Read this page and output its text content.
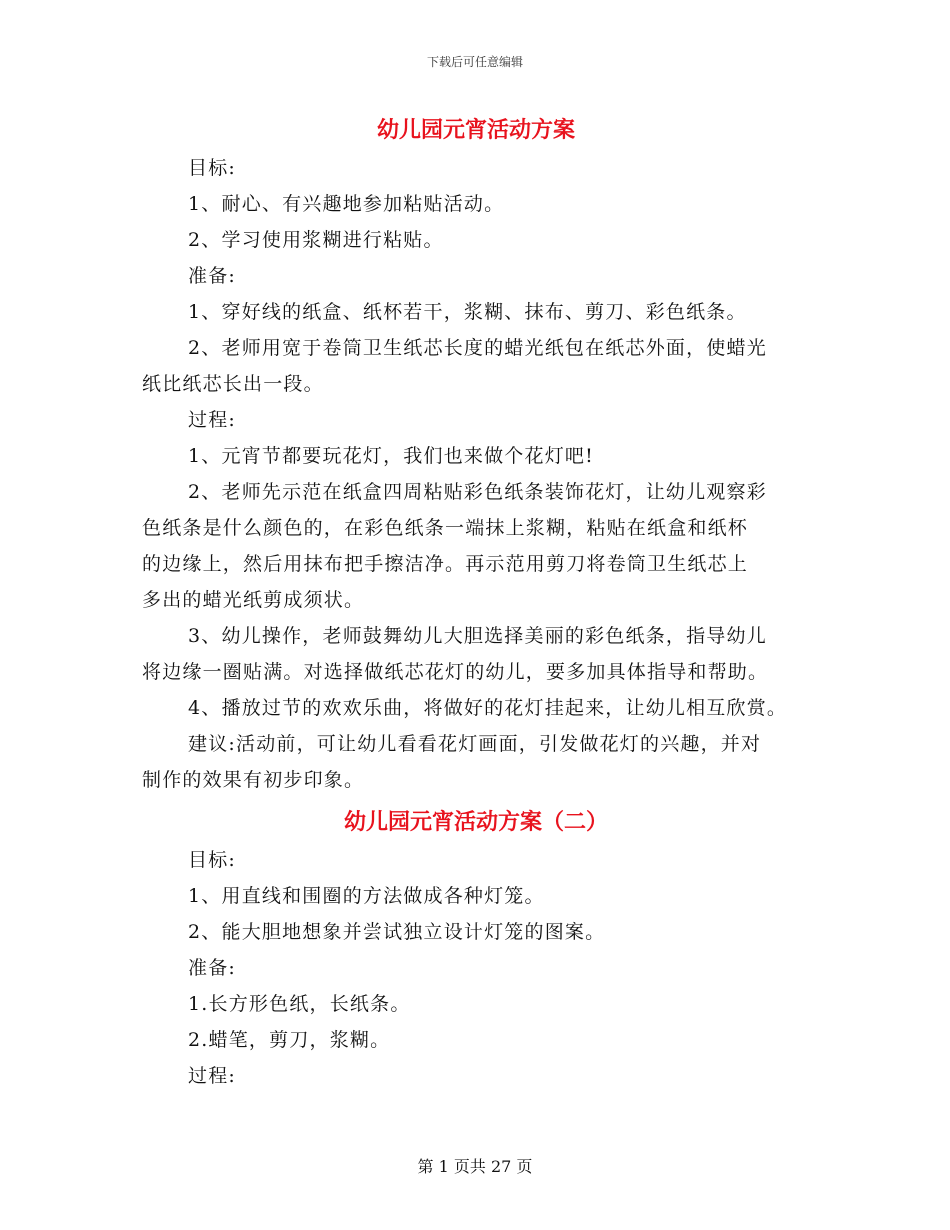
下载后可任意编辑
幼儿园元宵活动方案

目标:

1、耐心、有兴趣地参加粘贴活动。

2、学习使用浆糊进行粘贴。

准备:

1、穿好线的纸盒、纸杯若干，浆糊、抹布、剪刀、彩色纸条。

2、老师用宽于卷筒卫生纸芯长度的蜡光纸包在纸芯外面，使蜡光
纸比纸芯长出一段。

过程:

1、元宵节都要玩花灯，我们也来做个花灯吧!

2、老师先示范在纸盒四周粘贴彩色纸条装饰花灯，让幼儿观察彩
色纸条是什么颜色的，在彩色纸条一端抹上浆糊，粘贴在纸盒和纸杯
的边缘上，然后用抹布把手擦洁净。再示范用剪刀将卷筒卫生纸芯上
多出的蜡光纸剪成须状。

3、幼儿操作，老师鼓舞幼儿大胆选择美丽的彩色纸条，指导幼儿
将边缘一圈贴满。对选择做纸芯花灯的幼儿，要多加具体指导和帮助。

4、播放过节的欢欢乐曲，将做好的花灯挂起来，让幼儿相互欣赏。

建议:活动前，可让幼儿看看花灯画面，引发做花灯的兴趣，并对
制作的效果有初步印象。

幼儿园元宵活动方案（二）

目标:

1、用直线和围圈的方法做成各种灯笼。

2、能大胆地想象并尝试独立设计灯笼的图案。

准备:

1.长方形色纸，长纸条。

2.蜡笔，剪刀，浆糊。

过程:

第 1 页共 27 页
